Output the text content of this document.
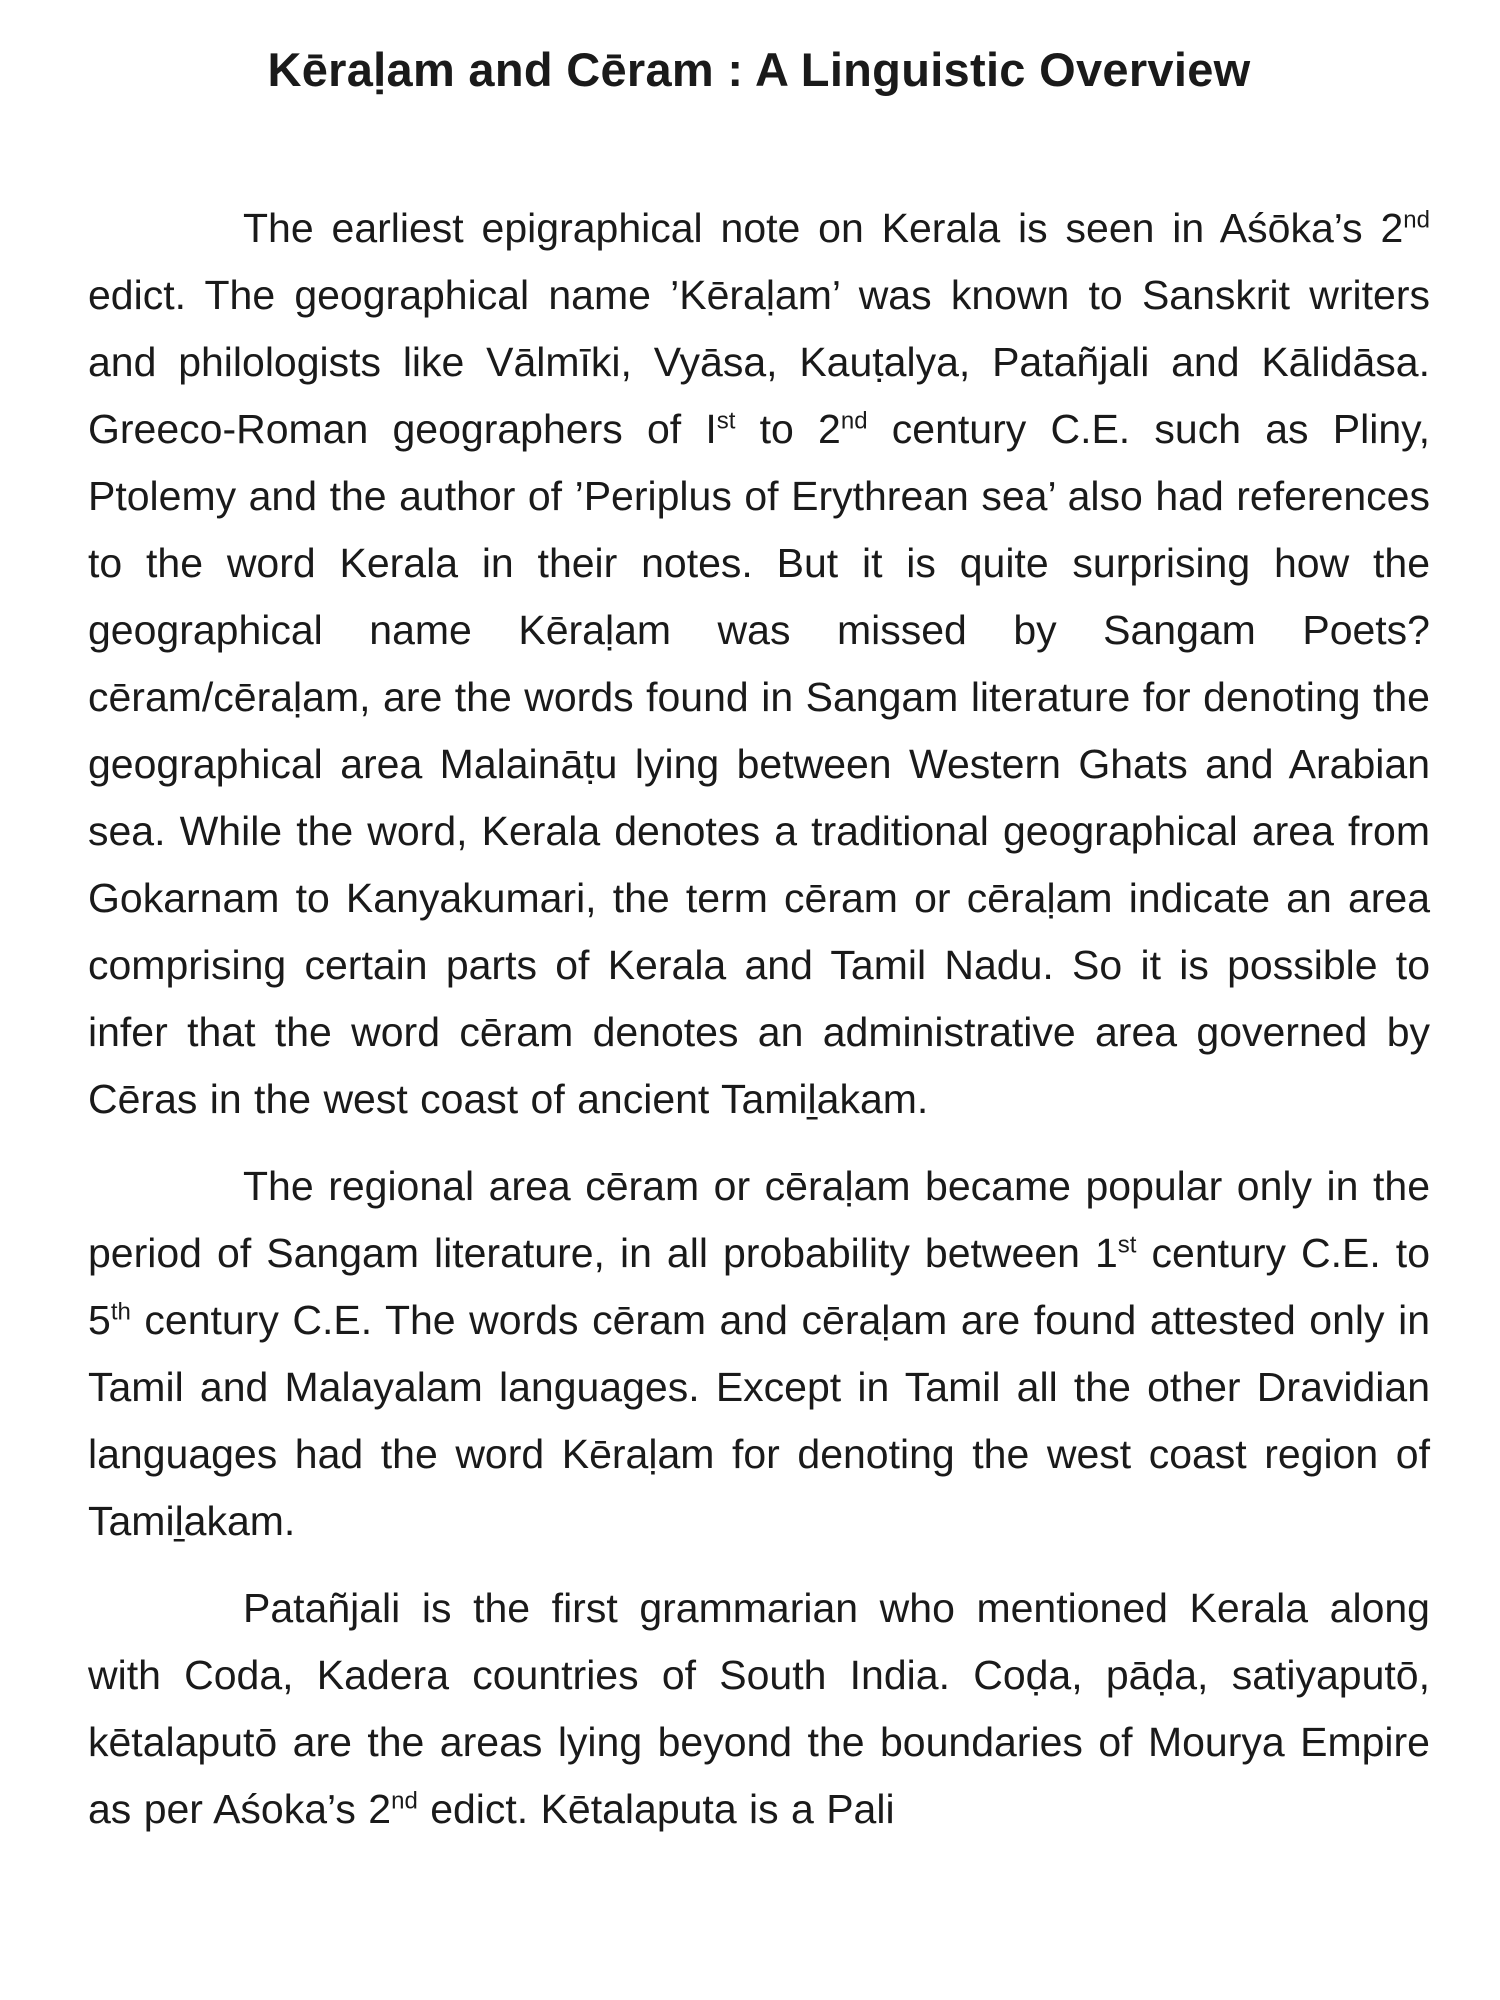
Kēraḷam and Cēram : A Linguistic Overview

The earliest epigraphical note on Kerala is seen in Aśōka’s 2nd edict. The geographical name ’Kēraḷam’ was known to Sanskrit writers and philologists like Vālmīki, Vyāsa, Kauṭalya, Patañjali and Kālidāsa. Greeco-Roman geographers of Ist to 2nd century C.E. such as Pliny, Ptolemy and the author of ’Periplus of Erythrean sea’ also had references to the word Kerala in their notes. But it is quite surprising how the geographical name Kēraḷam was missed by Sangam Poets? cēram/cēraḷam, are the words found in Sangam literature for denoting the geographical area Malaināṭu lying between Western Ghats and Arabian sea. While the word, Kerala denotes a traditional geographical area from Gokarnam to Kanyakumari, the term cēram or cēraḷam indicate an area comprising certain parts of Kerala and Tamil Nadu. So it is possible to infer that the word cēram denotes an administrative area governed by Cēras in the west coast of ancient Tamiḻakam.

The regional area cēram or cēraḷam became popular only in the period of Sangam literature, in all probability between 1st century C.E. to 5th century C.E. The words cēram and cēraḷam are found attested only in Tamil and Malayalam languages. Except in Tamil all the other Dravidian languages had the word Kēraḷam for denoting the west coast region of Tamiḻakam.

Patañjali is the first grammarian who mentioned Kerala along with Coda, Kadera countries of South India. Coḍa, pāḍa, satiyaputō, kētalaputō are the areas lying beyond the boundaries of Mourya Empire as per Aśoka’s 2nd edict. Kētalaputa is a Pali
